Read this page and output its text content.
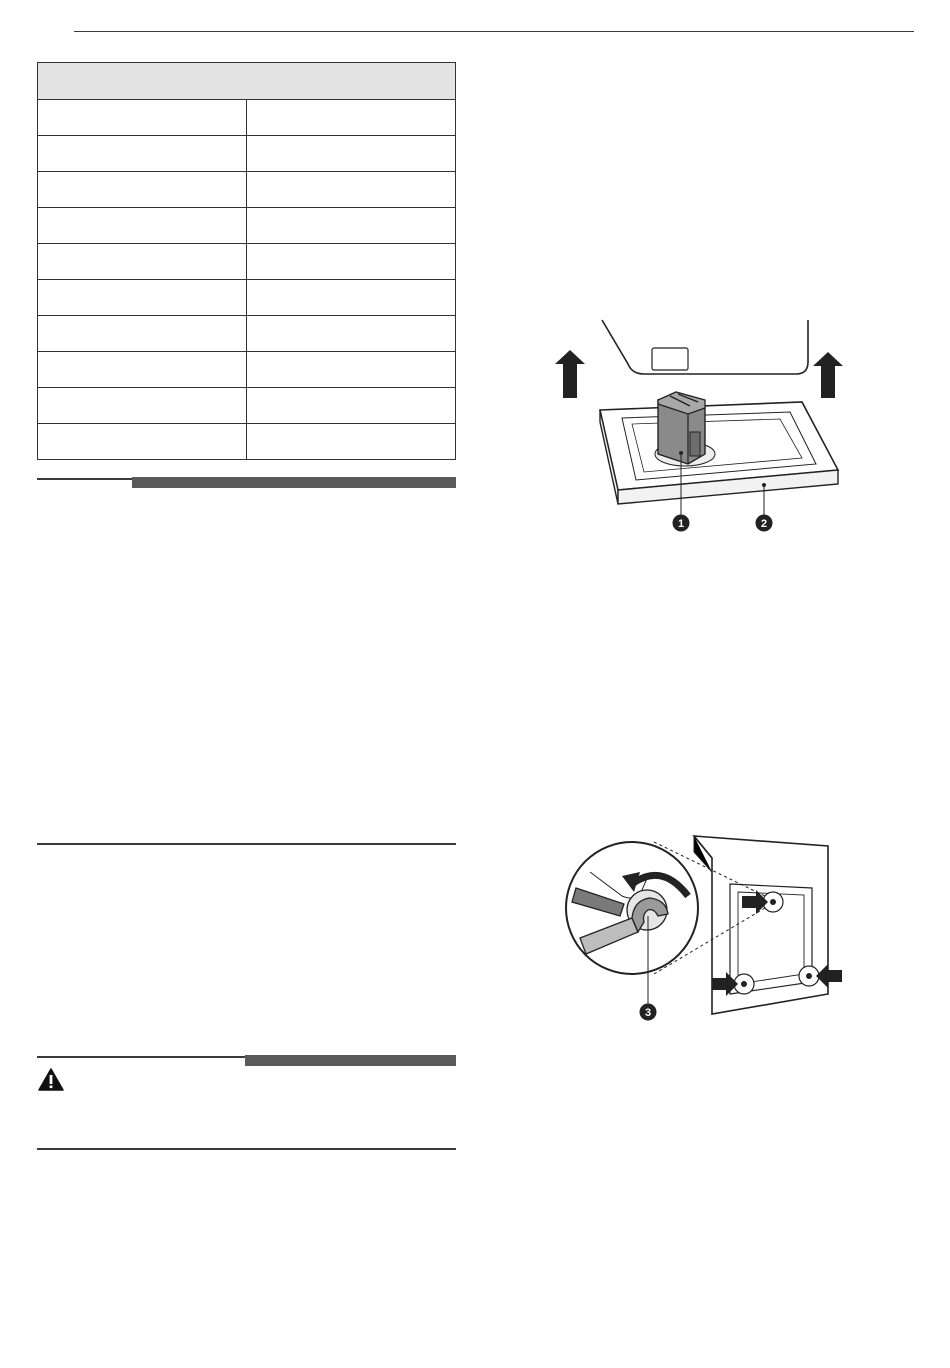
1	2
3
